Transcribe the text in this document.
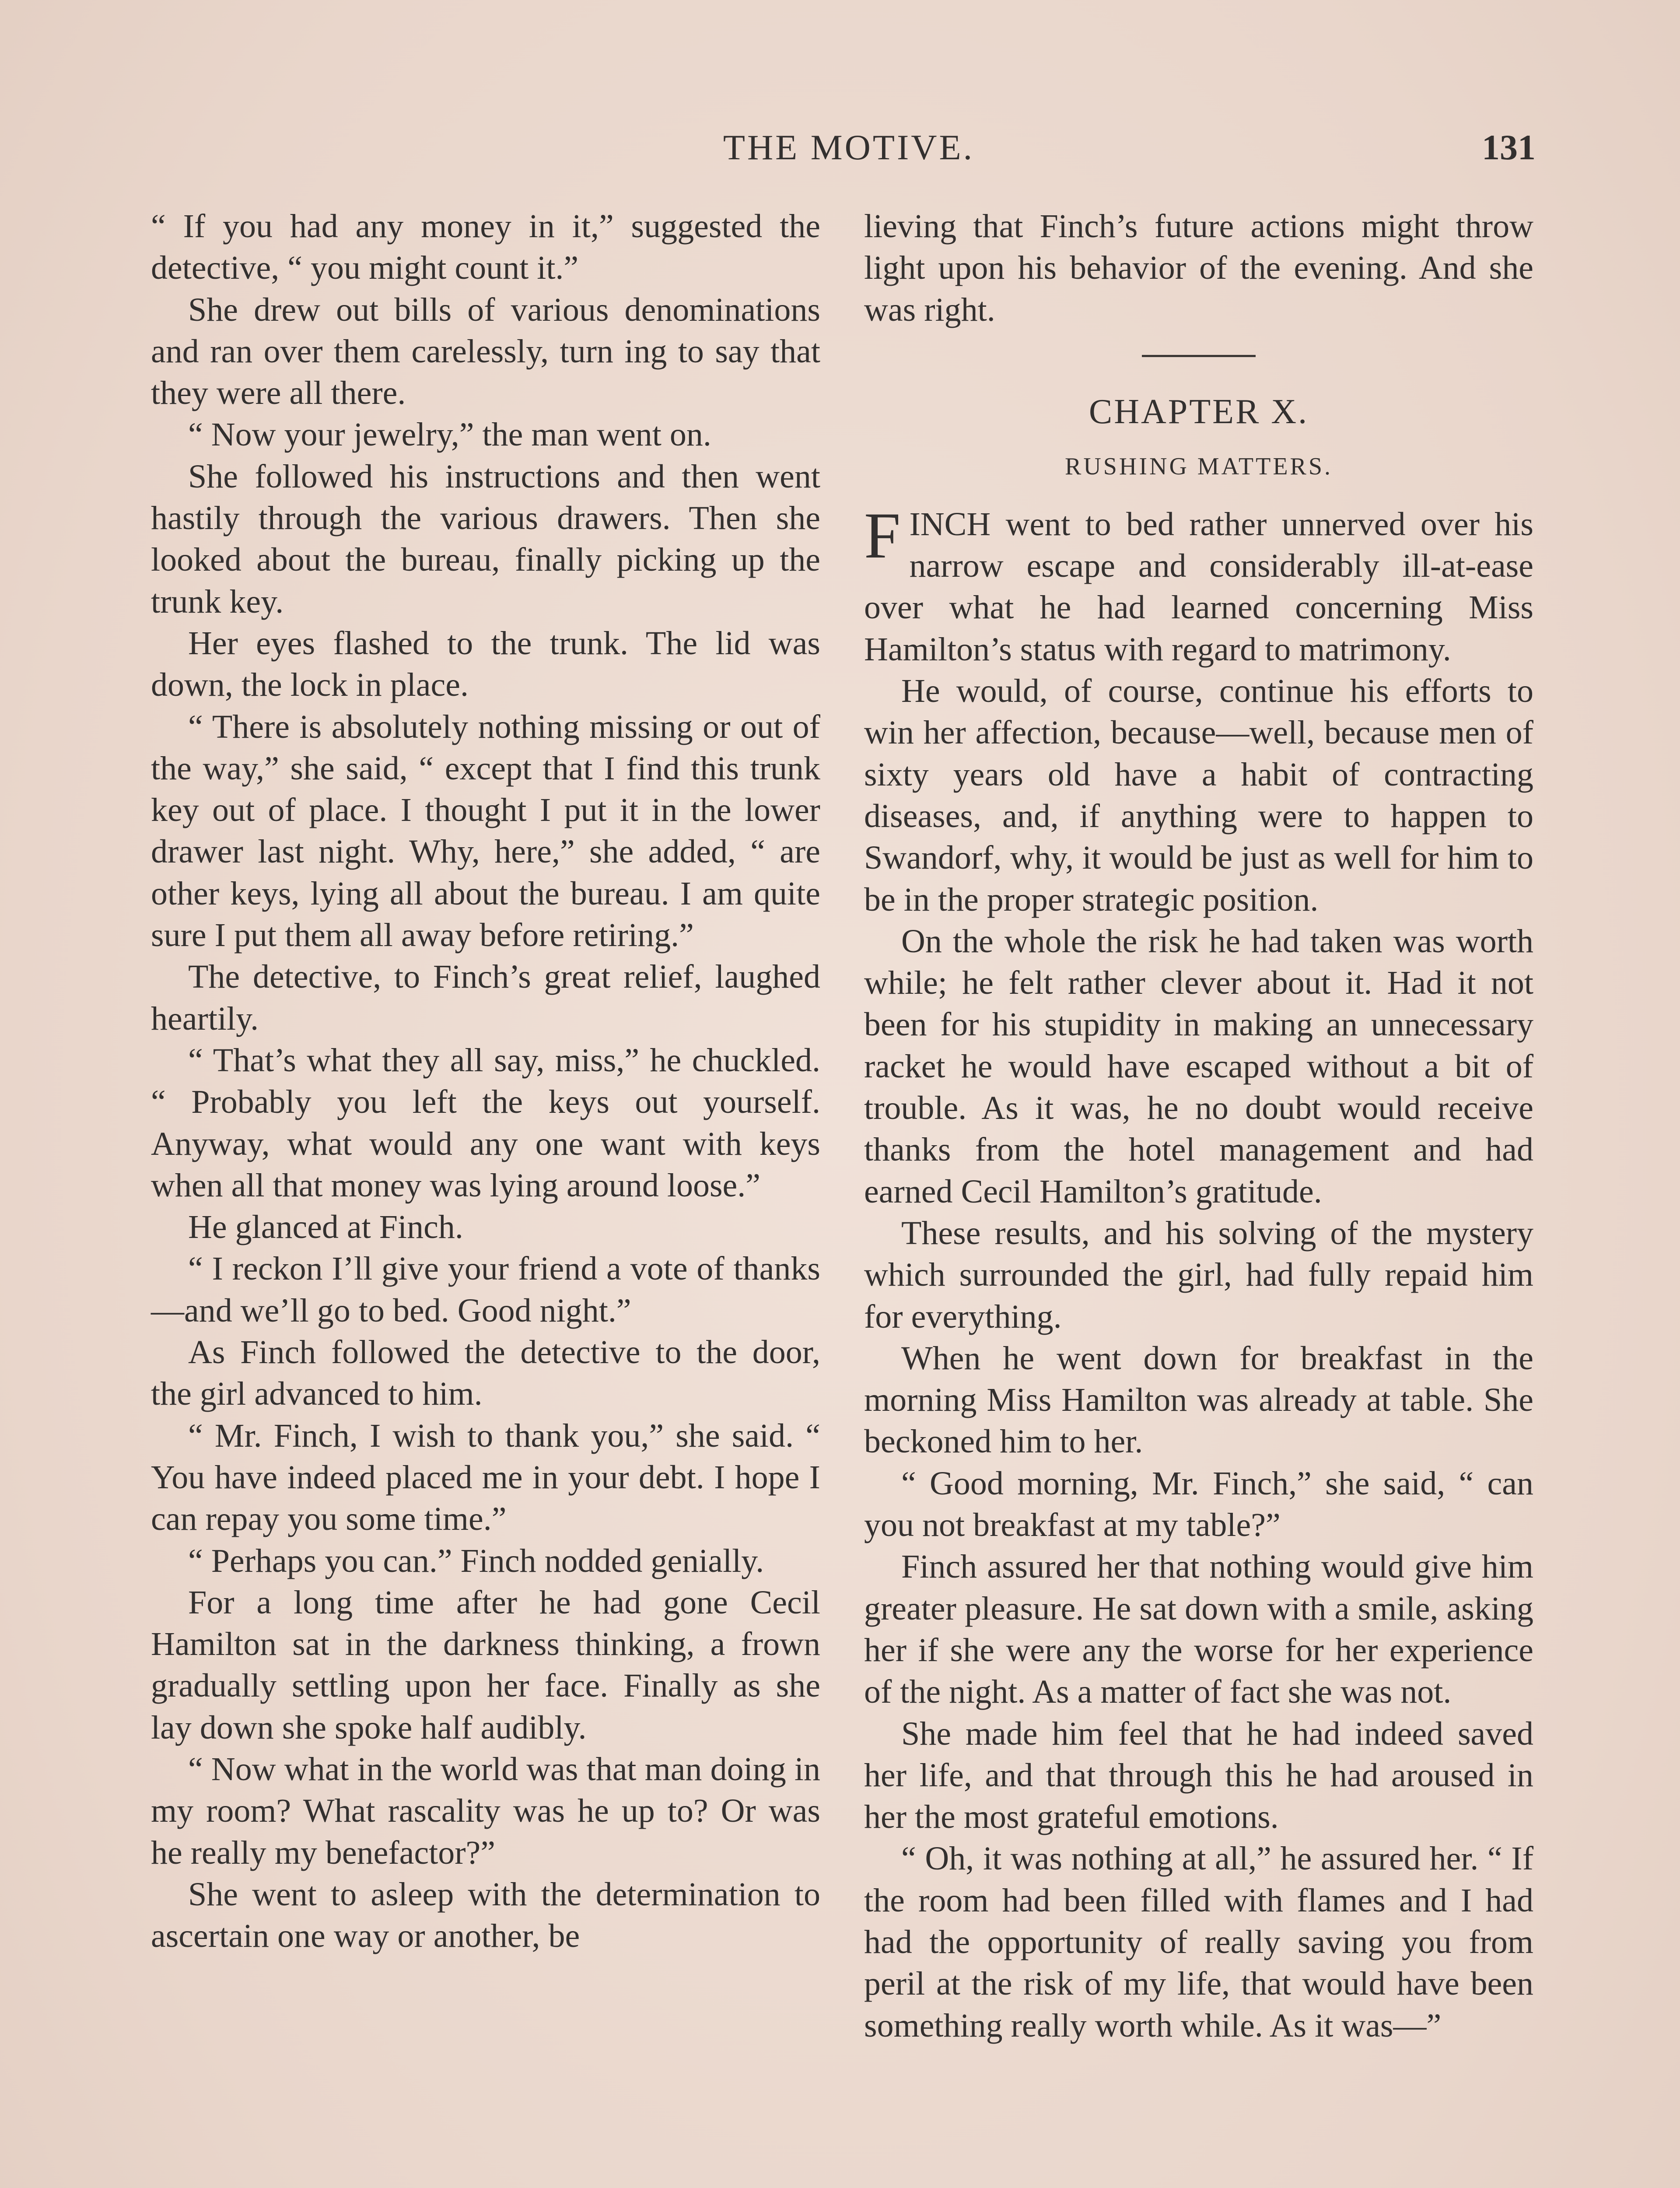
THE MOTIVE.	131

“ If you had any money in it,” suggested the detective, “ you might count it.”

She drew out bills of various denominations and ran over them carelessly, turn ing to say that they were all there.

“ Now your jewelry,” the man went on.

She followed his instructions and then went hastily through the various drawers. Then she looked about the bureau, finally picking up the trunk key.

Her eyes flashed to the trunk. The lid was down, the lock in place.

“ There is absolutely nothing missing or out of the way,” she said, “ except that I find this trunk key out of place. I thought I put it in the lower drawer last night. Why, here,” she added, “ are other keys, lying all about the bureau. I am quite sure I put them all away before retiring.”

The detective, to Finch’s great relief, laughed heartily.

“ That’s what they all say, miss,” he chuckled. “ Probably you left the keys out yourself. Anyway, what would any one want with keys when all that money was lying around loose.”

He glanced at Finch.

“ I reckon I’ll give your friend a vote of thanks—and we’ll go to bed. Good night.”

As Finch followed the detective to the door, the girl advanced to him.

“ Mr. Finch, I wish to thank you,” she said. “ You have indeed placed me in your debt. I hope I can repay you some time.”

“ Perhaps you can.” Finch nodded genially.

For a long time after he had gone Cecil Hamilton sat in the darkness thinking, a frown gradually settling upon her face. Finally as she lay down she spoke half audibly.

“ Now what in the world was that man doing in my room? What rascality was he up to? Or was he really my benefactor?”

She went to asleep with the determination to ascertain one way or another, be

lieving that Finch’s future actions might throw light upon his behavior of the evening. And she was right.

CHAPTER X.
RUSHING MATTERS.

FINCH went to bed rather unnerved over his narrow escape and considerably ill-at-ease over what he had learned concerning Miss Hamilton’s status with regard to matrimony.

He would, of course, continue his efforts to win her affection, because—well, because men of sixty years old have a habit of contracting diseases, and, if anything were to happen to Swandorf, why, it would be just as well for him to be in the proper strategic position.

On the whole the risk he had taken was worth while; he felt rather clever about it. Had it not been for his stupidity in making an unnecessary racket he would have escaped without a bit of trouble. As it was, he no doubt would receive thanks from the hotel management and had earned Cecil Hamilton’s gratitude.

These results, and his solving of the mystery which surrounded the girl, had fully repaid him for everything.

When he went down for breakfast in the morning Miss Hamilton was already at table. She beckoned him to her.

“ Good morning, Mr. Finch,” she said, “ can you not breakfast at my table?”

Finch assured her that nothing would give him greater pleasure. He sat down with a smile, asking her if she were any the worse for her experience of the night. As a matter of fact she was not.

She made him feel that he had indeed saved her life, and that through this he had aroused in her the most grateful emotions.

“ Oh, it was nothing at all,” he assured her. “ If the room had been filled with flames and I had had the opportunity of really saving you from peril at the risk of my life, that would have been something really worth while. As it was—”
